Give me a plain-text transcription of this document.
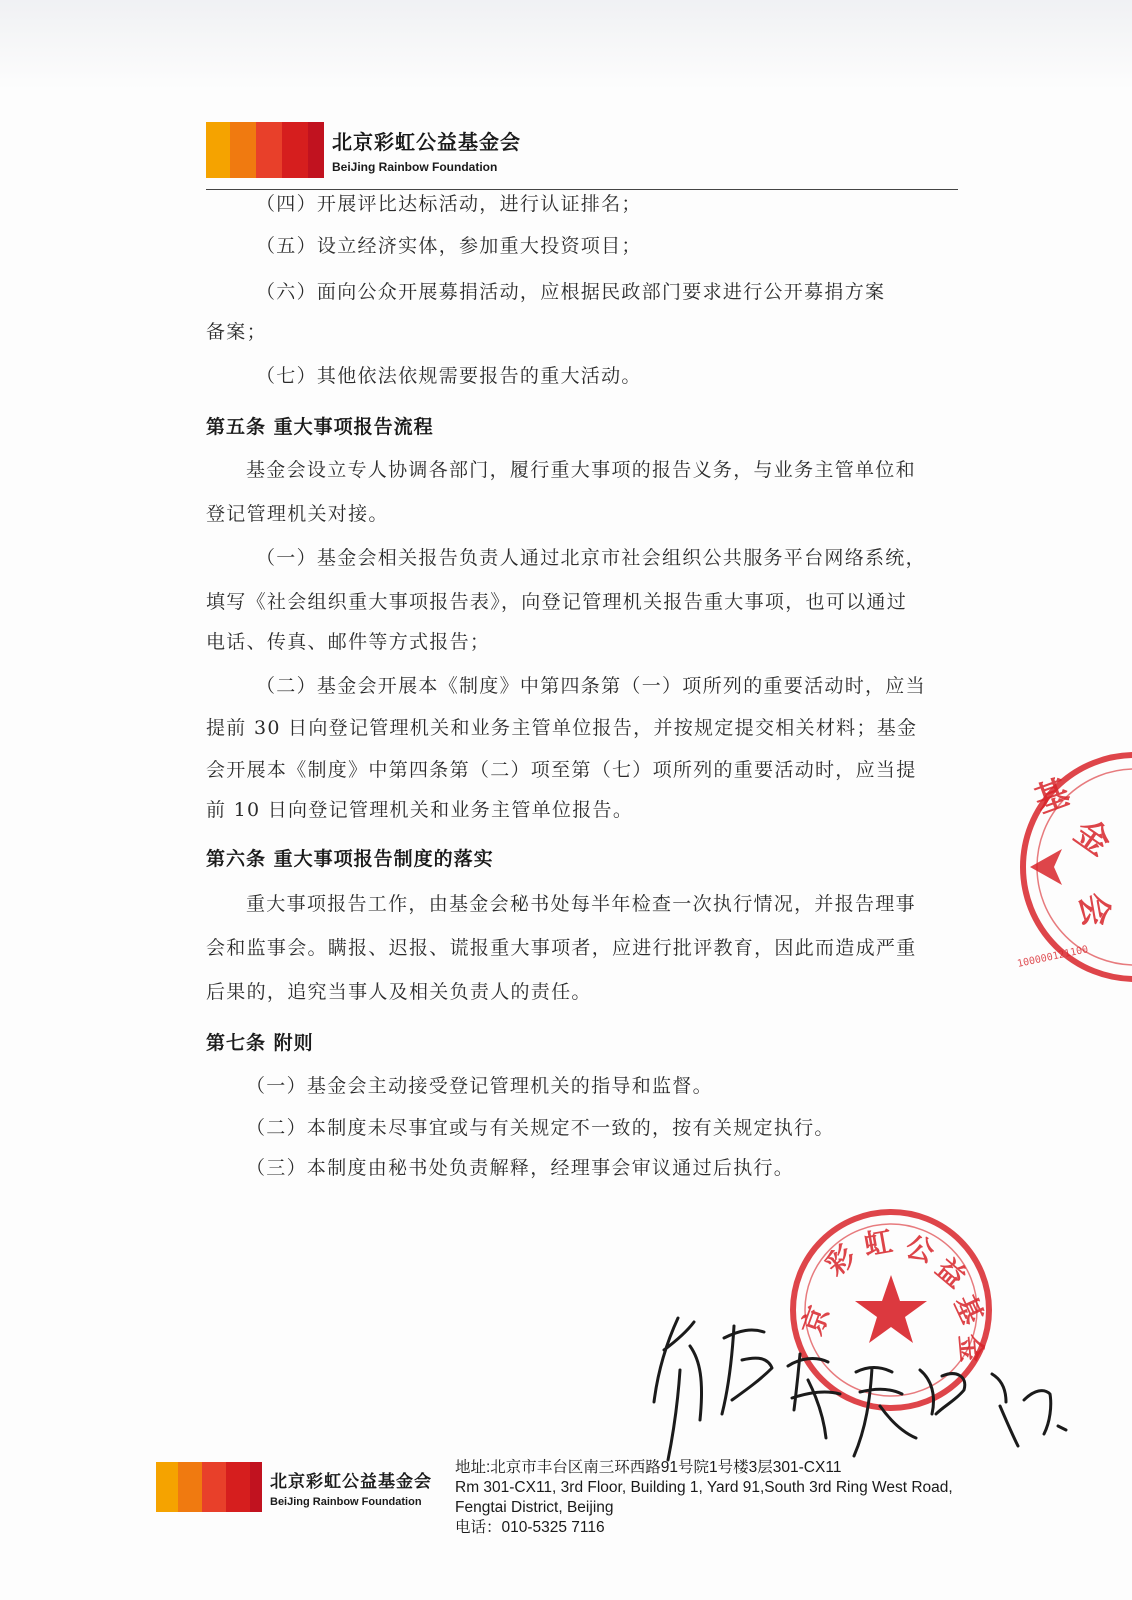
北京彩虹公益基金会
BeiJing Rainbow Foundation
（四）开展评比达标活动，进行认证排名；
（五）设立经济实体，参加重大投资项目；
（六）面向公众开展募捐活动，应根据民政部门要求进行公开募捐方案
备案；
（七）其他依法依规需要报告的重大活动。
第五条 重大事项报告流程
基金会设立专人协调各部门，履行重大事项的报告义务，与业务主管单位和
登记管理机关对接。
（一）基金会相关报告负责人通过北京市社会组织公共服务平台网络系统，
填写《社会组织重大事项报告表》，向登记管理机关报告重大事项，也可以通过
电话、传真、邮件等方式报告；
（二）基金会开展本《制度》中第四条第（一）项所列的重要活动时，应当
提前 30 日向登记管理机关和业务主管单位报告，并按规定提交相关材料；基金
会开展本《制度》中第四条第（二）项至第（七）项所列的重要活动时，应当提
前 10 日向登记管理机关和业务主管单位报告。
第六条 重大事项报告制度的落实
重大事项报告工作，由基金会秘书处每半年检查一次执行情况，并报告理事
会和监事会。瞒报、迟报、谎报重大事项者，应进行批评教育，因此而造成严重
后果的，追究当事人及相关负责人的责任。
第七条 附则
（一）基金会主动接受登记管理机关的指导和监督。
（二）本制度未尽事宜或与有关规定不一致的，按有关规定执行。
（三）本制度由秘书处负责解释，经理事会审议通过后执行。
基
金
会
100000121100
京
彩 虹 公
益
基
金
北京彩虹公益基金会
BeiJing Rainbow Foundation
地址:北京市丰台区南三环西路91号院1号楼3层301-CX11
Rm 301-CX11, 3rd Floor, Building 1, Yard 91,South 3rd Ring West Road,
Fengtai District, Beijing
电话：010-5325 7116
